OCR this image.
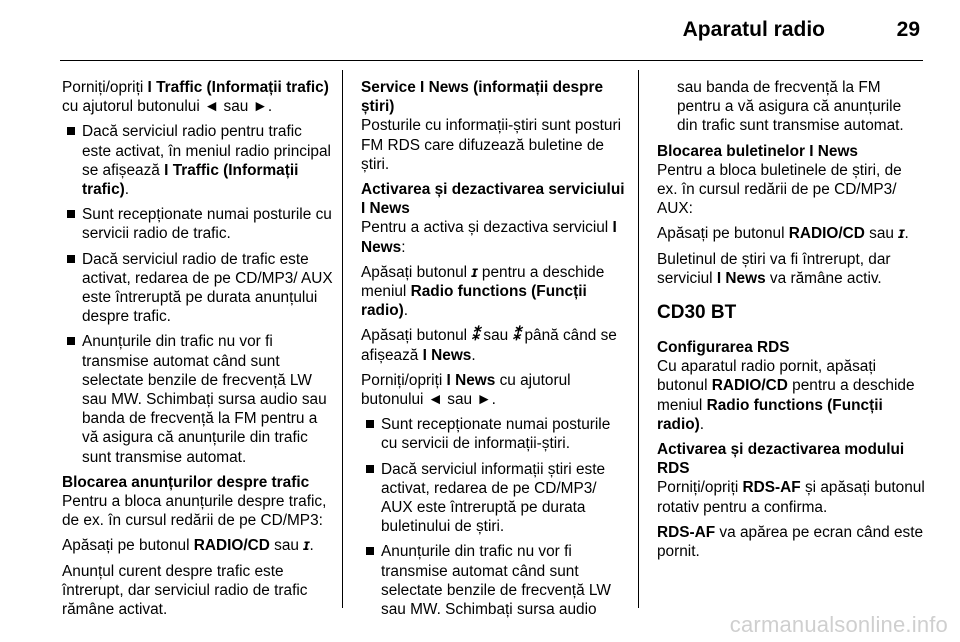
Aparatul radio	29

Porniți/opriți I Traffic (Informații trafic) cu ajutorul butonului ◄ sau ►.

Dacă serviciul radio pentru trafic este activat, în meniul radio principal se afișează I Traffic (Informații trafic).
Sunt recepționate numai posturile cu servicii radio de trafic.
Dacă serviciul radio de trafic este activat, redarea de pe CD/MP3/ AUX este întreruptă pe durata anunțului despre trafic.
Anunțurile din trafic nu vor fi transmise automat când sunt selectate benzile de frecvență LW sau MW. Schimbați sursa audio sau banda de frecvență la FM pentru a vă asigura că anunțurile din trafic sunt transmise automat.

Blocarea anunțurilor despre trafic

Pentru a bloca anunțurile despre trafic, de ex. în cursul redării de pe CD/MP3:

Apăsați pe butonul RADIO/CD sau ɪ.

Anunțul curent despre trafic este întrerupt, dar serviciul radio de trafic rămâne activat.

Service I News (informații despre știri)

Posturile cu informații-știri sunt posturi FM RDS care difuzează buletine de știri.

Activarea și dezactivarea serviciului I News

Pentru a activa și dezactiva serviciul I News:

Apăsați butonul ɪ pentru a deschide meniul Radio functions (Funcții radio).

Apăsați butonul ⁑ sau ⁑ până când se afișează I News.

Porniți/opriți I News cu ajutorul butonului ◄ sau ►.

Sunt recepționate numai posturile cu servicii de informații-știri.
Dacă serviciul informații știri este activat, redarea de pe CD/MP3/ AUX este întreruptă pe durata buletinului de știri.
Anunțurile din trafic nu vor fi transmise automat când sunt selectate benzile de frecvență LW sau MW. Schimbați sursa audio

sau banda de frecvență la FM pentru a vă asigura că anunțurile din trafic sunt transmise automat.

Blocarea buletinelor I News

Pentru a bloca buletinele de știri, de ex. în cursul redării de pe CD/MP3/ AUX:

Apăsați pe butonul RADIO/CD sau ɪ.

Buletinul de știri va fi întrerupt, dar serviciul I News va rămâne activ.

CD30 BT

Configurarea RDS

Cu aparatul radio pornit, apăsați butonul RADIO/CD pentru a deschide meniul Radio functions (Funcții radio).

Activarea și dezactivarea modului RDS

Porniți/opriți RDS-AF și apăsați butonul rotativ pentru a confirma.

RDS-AF va apărea pe ecran când este pornit.

carmanualsonline.info
